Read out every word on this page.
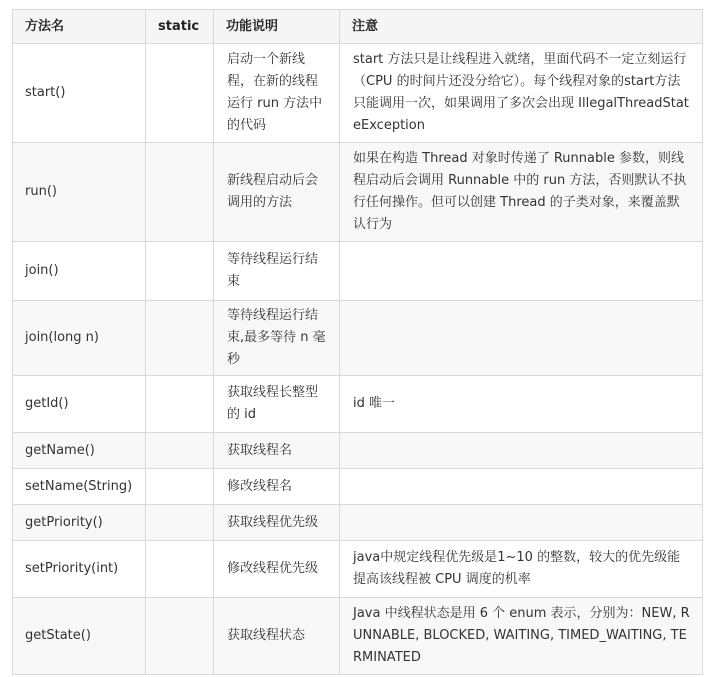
方法名	static	功能说明	注意
start()		启动一个新线程，在新的线程运行 run 方法中的代码	start 方法只是让线程进入就绪，里面代码不一定立刻运行（CPU 的时间片还没分给它）。每个线程对象的start方法只能调用一次，如果调用了多次会出现 IllegalThreadStateException
run()		新线程启动后会调用的方法	如果在构造 Thread 对象时传递了 Runnable 参数，则线程启动后会调用 Runnable 中的 run 方法，否则默认不执行任何操作。但可以创建 Thread 的子类对象，来覆盖默认行为
join()		等待线程运行结束	
join(long n)		等待线程运行结束,最多等待 n 毫秒	
getId()		获取线程长整型的 id	id 唯一
getName()		获取线程名	
setName(String)		修改线程名	
getPriority()		获取线程优先级	
setPriority(int)		修改线程优先级	java中规定线程优先级是1~10 的整数，较大的优先级能提高该线程被 CPU 调度的机率
getState()		获取线程状态	Java 中线程状态是用 6 个 enum 表示，分别为：NEW, RUNNABLE, BLOCKED, WAITING, TIMED_WAITING, TERMINATED
